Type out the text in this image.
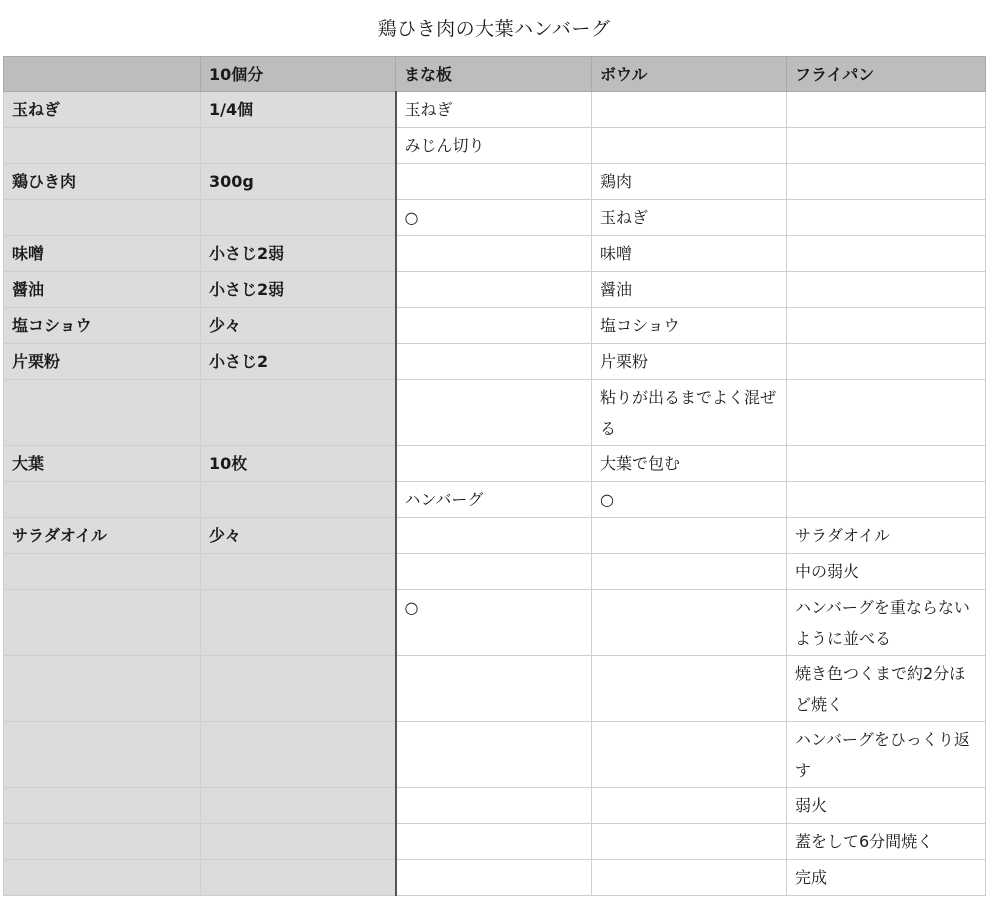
鶏ひき肉の大葉ハンバーグ
	10個分	まな板	ボウル	フライパン

玉ねぎ	1/4個	玉ねぎ		

		みじん切り		

鶏ひき肉	300g		鶏肉	

		○	玉ねぎ	

味噌	小さじ2弱		味噌	

醤油	小さじ2弱		醤油	

塩コショウ	少々		塩コショウ	

片栗粉	小さじ2		片栗粉	

			粘りが出るまでよく混ぜる	

大葉	10枚		大葉で包む	

		ハンバーグ	○	

サラダオイル	少々			サラダオイル

				中の弱火

		○		ハンバーグを重ならないように並べる

				焼き色つくまで約2分ほど焼く

				ハンバーグをひっくり返す

				弱火

				蓋をして6分間焼く

				完成
